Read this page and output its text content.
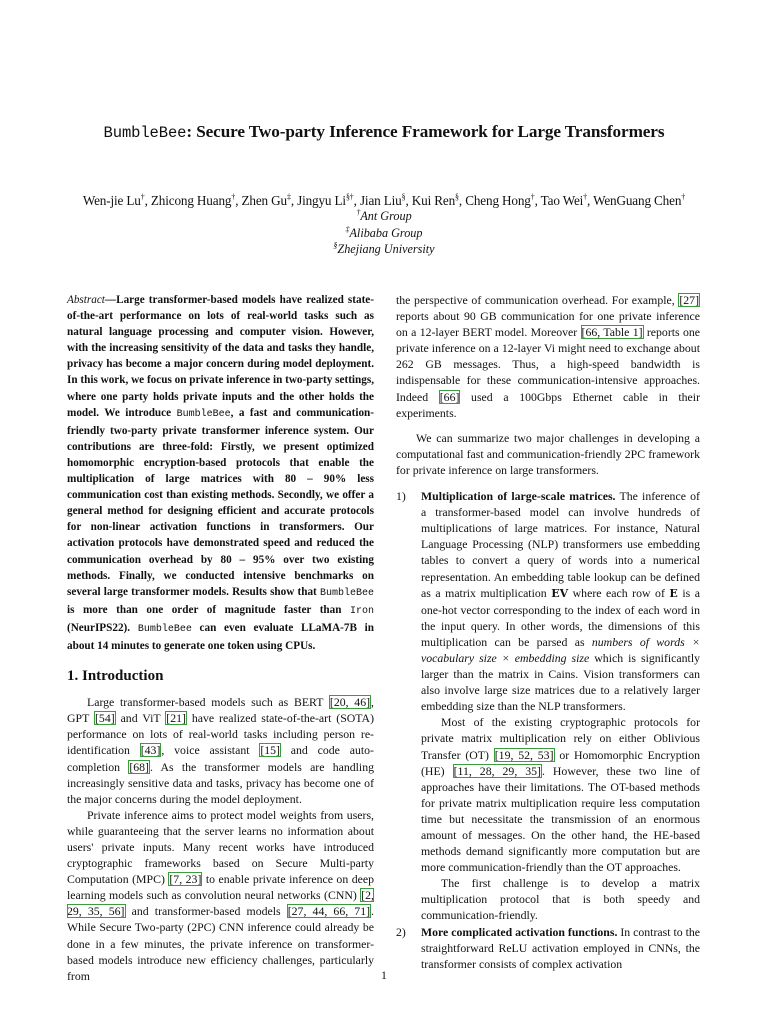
BumbleBee: Secure Two-party Inference Framework for Large Transformers
Wen-jie Lu†, Zhicong Huang†, Zhen Gu‡, Jingyu Li§†, Jian Liu§, Kui Ren§, Cheng Hong†, Tao Wei†, WenGuang Chen†
†Ant Group
‡Alibaba Group
§Zhejiang University

Abstract—Large transformer-based models have realized state-of-the-art performance on lots of real-world tasks such as natural language processing and computer vision. However, with the increasing sensitivity of the data and tasks they handle, privacy has become a major concern during model deployment. In this work, we focus on private inference in two-party settings, where one party holds private inputs and the other holds the model. We introduce BumbleBee, a fast and communication-friendly two-party private transformer inference system. Our contributions are three-fold: Firstly, we present optimized homomorphic encryption-based protocols that enable the multiplication of large matrices with 80 – 90% less communication cost than existing methods. Secondly, we offer a general method for designing efficient and accurate protocols for non-linear activation functions in transformers. Our activation protocols have demonstrated speed and reduced the communication overhead by 80 – 95% over two existing methods. Finally, we conducted intensive benchmarks on several large transformer models. Results show that BumbleBee is more than one order of magnitude faster than Iron (NeurIPS22). BumbleBee can even evaluate LLaMA-7B in about 14 minutes to generate one token using CPUs.

1. Introduction

Large transformer-based models such as BERT [20, 46], GPT [54] and ViT [21] have realized state-of-the-art (SOTA) performance on lots of real-world tasks including person re-identification [43], voice assistant [15] and code auto-completion [68]. As the transformer models are handling increasingly sensitive data and tasks, privacy has become one of the major concerns during the model deployment.

Private inference aims to protect model weights from users, while guaranteeing that the server learns no information about users' private inputs. Many recent works have introduced cryptographic frameworks based on Secure Multi-party Computation (MPC) [7, 23] to enable private inference on deep learning models such as convolution neural networks (CNN) [2, 29, 35, 56] and transformer-based models [27, 44, 66, 71]. While Secure Two-party (2PC) CNN inference could already be done in a few minutes, the private inference on transformer-based models introduce new efficiency challenges, particularly from

the perspective of communication overhead. For example, [27] reports about 90 GB communication for one private inference on a 12-layer BERT model. Moreover [66, Table 1] reports one private inference on a 12-layer Vi might need to exchange about 262 GB messages. Thus, a high-speed bandwidth is indispensable for these communication-intensive approaches. Indeed [66] used a 100Gbps Ethernet cable in their experiments.

We can summarize two major challenges in developing a computational fast and communication-friendly 2PC framework for private inference on large transformers.

1) Multiplication of large-scale matrices. The inference of a transformer-based model can involve hundreds of multiplications of large matrices. For instance, Natural Language Processing (NLP) transformers use embedding tables to convert a query of words into a numerical representation. An embedding table lookup can be defined as a matrix multiplication EV where each row of E is a one-hot vector corresponding to the index of each word in the input query. In other words, the dimensions of this multiplication can be parsed as numbers of words × vocabulary size × embedding size which is significantly larger than the matrix in Cains. Vision transformers can also involve large size matrices due to a relatively larger embedding size than the NLP transformers.

Most of the existing cryptographic protocols for private matrix multiplication rely on either Oblivious Transfer (OT) [19, 52, 53] or Homomorphic Encryption (HE) [11, 28, 29, 35]. However, these two line of approaches have their limitations. The OT-based methods for private matrix multiplication require less computation time but necessitate the transmission of an enormous amount of messages. On the other hand, the HE-based methods demand significantly more computation but are more communication-friendly than the OT approaches.

The first challenge is to develop a matrix multiplication protocol that is both speedy and communication-friendly.

2) More complicated activation functions. In contrast to the straightforward ReLU activation employed in CNNs, the transformer consists of complex activation

1
